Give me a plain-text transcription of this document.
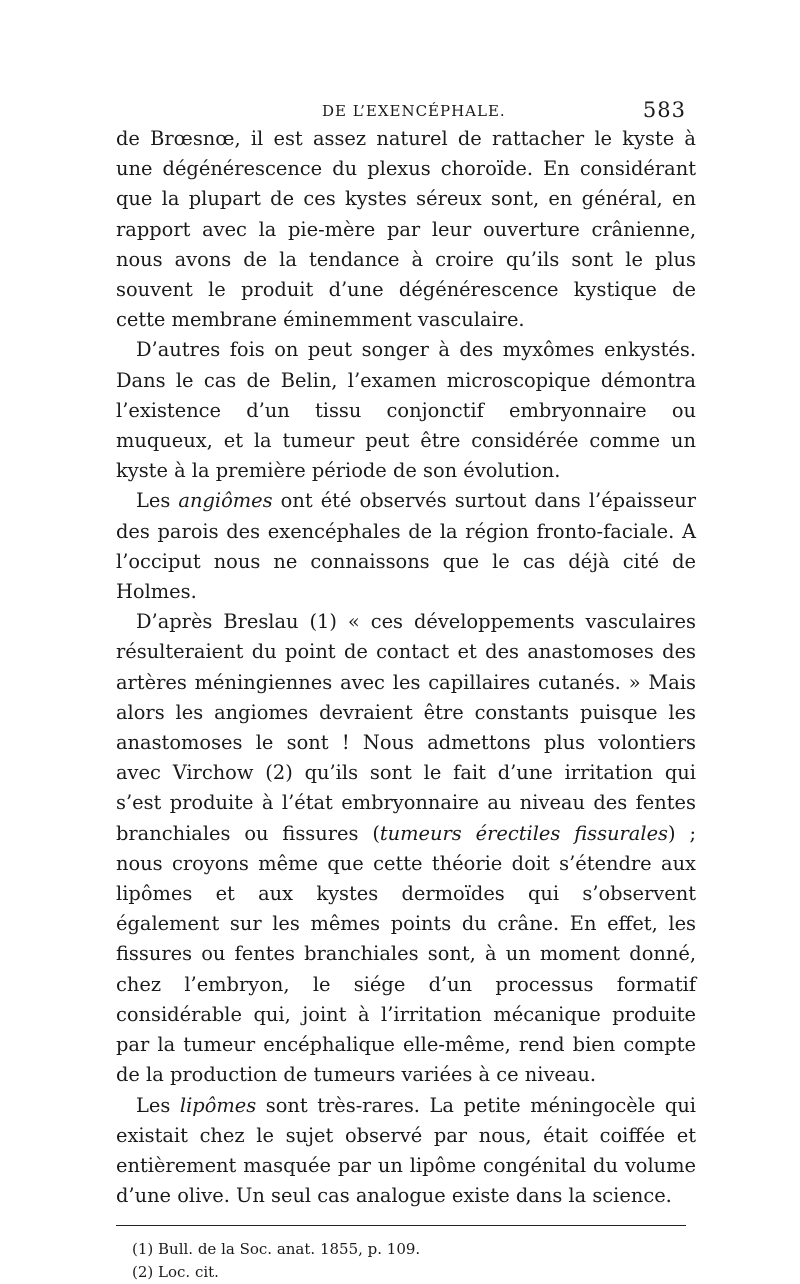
DE L’EXENCÉPHALE.	583

de Brœsnœ, il est assez naturel de rattacher le kyste à une dégénérescence du plexus choroïde. En considérant que la plupart de ces kystes séreux sont, en général, en rapport avec la pie-mère par leur ouverture crânienne, nous avons de la tendance à croire qu’ils sont le plus souvent le produit d’une dégénérescence kystique de cette membrane éminemment vasculaire.

D’autres fois on peut songer à des myxômes enkystés. Dans le cas de Belin, l’examen microscopique démontra l’existence d’un tissu conjonctif embryonnaire ou muqueux, et la tumeur peut être considérée comme un kyste à la première période de son évolution.

Les angiômes ont été observés surtout dans l’épaisseur des parois des exencéphales de la région fronto-faciale. A l’occiput nous ne connaissons que le cas déjà cité de Holmes.

D’après Breslau (1) « ces développements vasculaires résulteraient du point de contact et des anastomoses des artères méningiennes avec les capillaires cutanés. » Mais alors les angiomes devraient être constants puisque les anastomoses le sont ! Nous admettons plus volontiers avec Virchow (2) qu’ils sont le fait d’une irritation qui s’est produite à l’état embryonnaire au niveau des fentes branchiales ou fissures (tumeurs érectiles fissurales) ; nous croyons même que cette théorie doit s’étendre aux lipômes et aux kystes dermoïdes qui s’observent également sur les mêmes points du crâne. En effet, les fissures ou fentes branchiales sont, à un moment donné, chez l’embryon, le siége d’un processus formatif considérable qui, joint à l’irritation mécanique produite par la tumeur encéphalique elle-même, rend bien compte de la production de tumeurs variées à ce niveau.

Les lipômes sont très-rares. La petite méningocèle qui existait chez le sujet observé par nous, était coiffée et entièrement masquée par un lipôme congénital du volume d’une olive. Un seul cas analogue existe dans la science.

(1) Bull. de la Soc. anat. 1855, p. 109.
(2) Loc. cit.
